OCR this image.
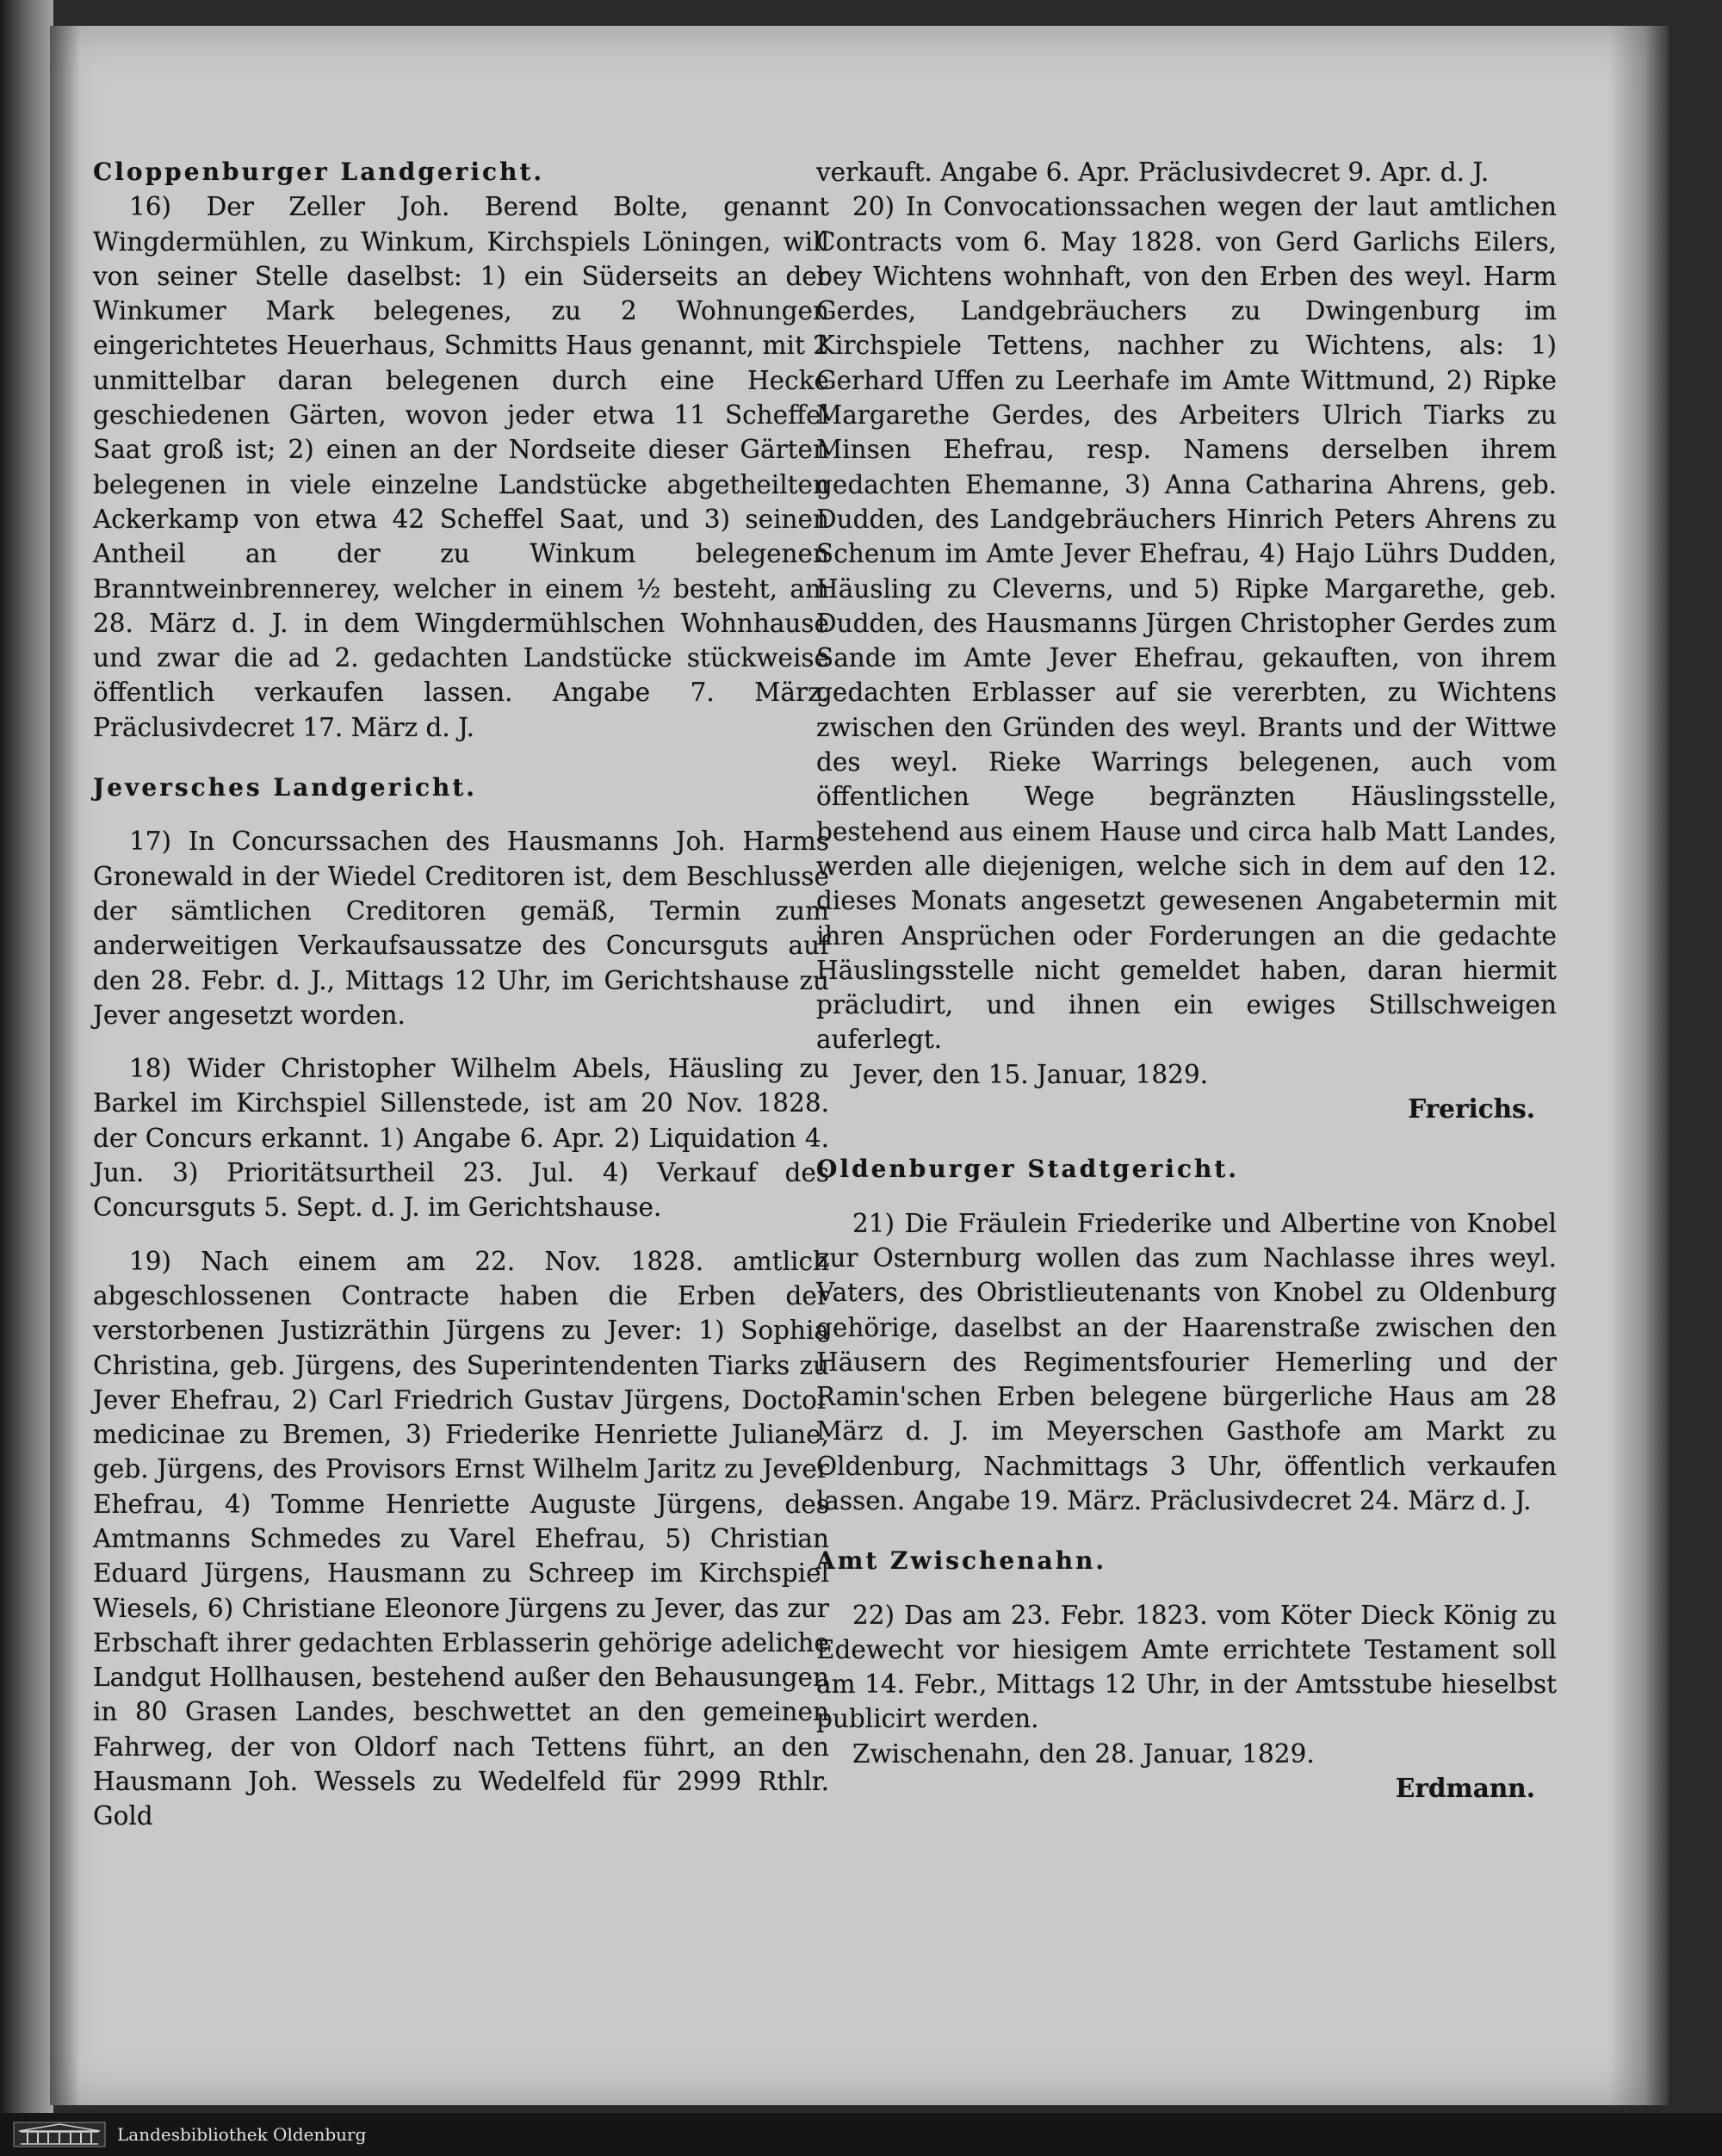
Cloppenburger Landgericht.

16) Der Zeller Joh. Berend Bolte, genannt Wingdermühlen, zu Winkum, Kirchspiels Löningen, will von seiner Stelle daselbst: 1) ein Süderseits an der Winkumer Mark belegenes, zu 2 Wohnungen eingerichtetes Heuerhaus, Schmitts Haus genannt, mit 2 unmittelbar daran belegenen durch eine Hecke geschiedenen Gärten, wovon jeder etwa 11 Scheffel Saat groß ist; 2) einen an der Nordseite dieser Gärten belegenen in viele einzelne Landstücke abgetheilten Ackerkamp von etwa 42 Scheffel Saat, und 3) seinen Antheil an der zu Winkum belegenen Branntweinbrennerey, welcher in einem ½ besteht, am 28. März d. J. in dem Wingdermühlschen Wohnhause und zwar die ad 2. gedachten Landstücke stückweise öffentlich verkaufen lassen. Angabe 7. März. Präclusivdecret 17. März d. J.

Jeversches Landgericht.

17) In Concurssachen des Hausmanns Joh. Harms Gronewald in der Wiedel Creditoren ist, dem Beschlusse der sämtlichen Creditoren gemäß, Termin zum anderweitigen Verkaufsaussatze des Concursguts auf den 28. Febr. d. J., Mittags 12 Uhr, im Gerichtshause zu Jever angesetzt worden.

18) Wider Christopher Wilhelm Abels, Häusling zu Barkel im Kirchspiel Sillenstede, ist am 20 Nov. 1828. der Concurs erkannt. 1) Angabe 6. Apr. 2) Liquidation 4. Jun. 3) Prioritätsurtheil 23. Jul. 4) Verkauf des Concursguts 5. Sept. d. J. im Gerichtshause.

19) Nach einem am 22. Nov. 1828. amtlich abgeschlossenen Contracte haben die Erben der verstorbenen Justizräthin Jürgens zu Jever: 1) Sophia Christina, geb. Jürgens, des Superintendenten Tiarks zu Jever Ehefrau, 2) Carl Friedrich Gustav Jürgens, Doctor medicinae zu Bremen, 3) Friederike Henriette Juliane, geb. Jürgens, des Provisors Ernst Wilhelm Jaritz zu Jever Ehefrau, 4) Tomme Henriette Auguste Jürgens, des Amtmanns Schmedes zu Varel Ehefrau, 5) Christian Eduard Jürgens, Hausmann zu Schreep im Kirchspiel Wiesels, 6) Christiane Eleonore Jürgens zu Jever, das zur Erbschaft ihrer gedachten Erblasserin gehörige adeliche Landgut Hollhausen, bestehend außer den Behausungen in 80 Grasen Landes, beschwettet an den gemeinen Fahrweg, der von Oldorf nach Tettens führt, an den Hausmann Joh. Wessels zu Wedelfeld für 2999 Rthlr. Gold

verkauft. Angabe 6. Apr. Präclusivdecret 9. Apr. d. J.

20) In Convocationssachen wegen der laut amtlichen Contracts vom 6. May 1828. von Gerd Garlichs Eilers, bey Wichtens wohnhaft, von den Erben des weyl. Harm Gerdes, Landgebräuchers zu Dwingenburg im Kirchspiele Tettens, nachher zu Wichtens, als: 1) Gerhard Uffen zu Leerhafe im Amte Wittmund, 2) Ripke Margarethe Gerdes, des Arbeiters Ulrich Tiarks zu Minsen Ehefrau, resp. Namens derselben ihrem gedachten Ehemanne, 3) Anna Catharina Ahrens, geb. Dudden, des Landgebräuchers Hinrich Peters Ahrens zu Schenum im Amte Jever Ehefrau, 4) Hajo Lührs Dudden, Häusling zu Cleverns, und 5) Ripke Margarethe, geb. Dudden, des Hausmanns Jürgen Christopher Gerdes zum Sande im Amte Jever Ehefrau, gekauften, von ihrem gedachten Erblasser auf sie vererbten, zu Wichtens zwischen den Gründen des weyl. Brants und der Wittwe des weyl. Rieke Warrings belegenen, auch vom öffentlichen Wege begränzten Häuslingsstelle, bestehend aus einem Hause und circa halb Matt Landes, werden alle diejenigen, welche sich in dem auf den 12. dieses Monats angesetzt gewesenen Angabetermin mit ihren Ansprüchen oder Forderungen an die gedachte Häuslingsstelle nicht gemeldet haben, daran hiermit präcludirt, und ihnen ein ewiges Stillschweigen auferlegt.

Jever, den 15. Januar, 1829.

Frerichs.

Oldenburger Stadtgericht.

21) Die Fräulein Friederike und Albertine von Knobel zur Osternburg wollen das zum Nachlasse ihres weyl. Vaters, des Obristlieutenants von Knobel zu Oldenburg gehörige, daselbst an der Haarenstraße zwischen den Häusern des Regimentsfourier Hemerling und der Ramin'schen Erben belegene bürgerliche Haus am 28 März d. J. im Meyerschen Gasthofe am Markt zu Oldenburg, Nachmittags 3 Uhr, öffentlich verkaufen lassen. Angabe 19. März. Präclusivdecret 24. März d. J.

Amt Zwischenahn.

22) Das am 23. Febr. 1823. vom Köter Dieck König zu Edewecht vor hiesigem Amte errichtete Testament soll am 14. Febr., Mittags 12 Uhr, in der Amtsstube hieselbst publicirt werden.

Zwischenahn, den 28. Januar, 1829.

Erdmann.

Landesbibliothek Oldenburg
